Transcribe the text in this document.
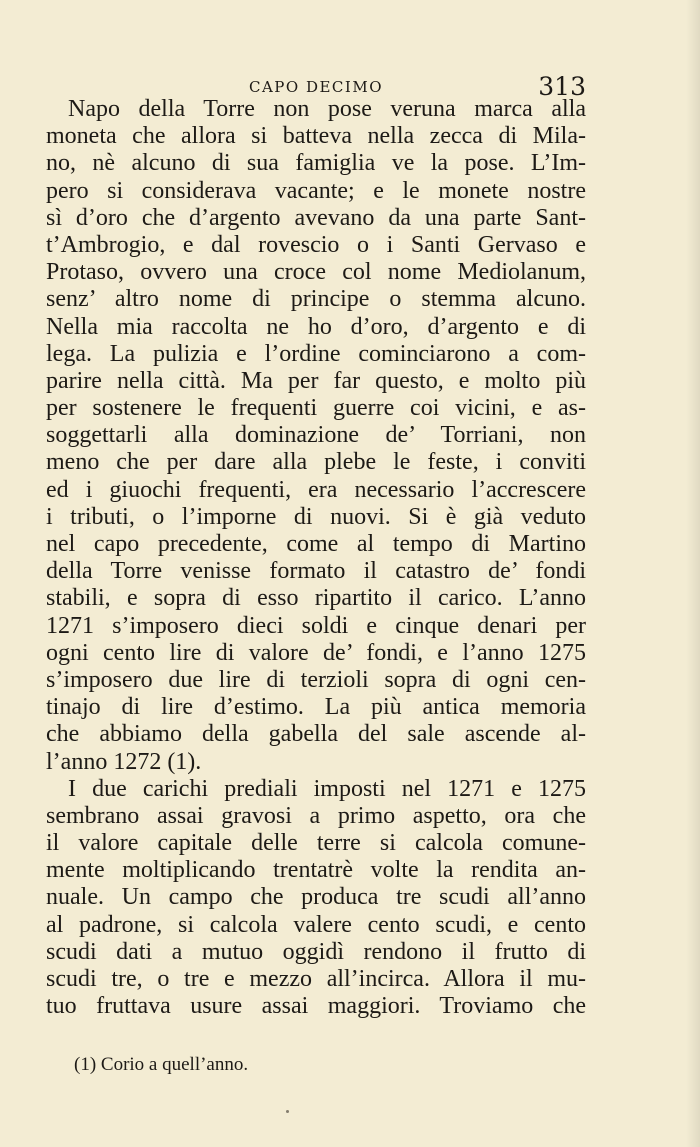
CAPO DECIMO	313
Napo della Torre non pose veruna marca alla
moneta che allora si batteva nella zecca di Mila-
no, nè alcuno di sua famiglia ve la pose. L’Im-
pero si considerava vacante; e le monete nostre
sì d’oro che d’argento avevano da una parte Sant-
t’Ambrogio, e dal rovescio o i Santi Gervaso e
Protaso, ovvero una croce col nome Mediolanum,
senz’ altro nome di principe o stemma alcuno.
Nella mia raccolta ne ho d’oro, d’argento e di
lega. La pulizia e l’ordine cominciarono a com-
parire nella città. Ma per far questo, e molto più
per sostenere le frequenti guerre coi vicini, e as-
soggettarli alla dominazione de’ Torriani, non
meno che per dare alla plebe le feste, i conviti
ed i giuochi frequenti, era necessario l’accrescere
i tributi, o l’imporne di nuovi. Si è già veduto
nel capo precedente, come al tempo di Martino
della Torre venisse formato il catastro de’ fondi
stabili, e sopra di esso ripartito il carico. L’anno
1271 s’imposero dieci soldi e cinque denari per
ogni cento lire di valore de’ fondi, e l’anno 1275
s’imposero due lire di terzioli sopra di ogni cen-
tinajo di lire d’estimo. La più antica memoria
che abbiamo della gabella del sale ascende al-
l’anno 1272 (1).
I due carichi prediali imposti nel 1271 e 1275
sembrano assai gravosi a primo aspetto, ora che
il valore capitale delle terre si calcola comune-
mente moltiplicando trentatrè volte la rendita an-
nuale. Un campo che produca tre scudi all’anno
al padrone, si calcola valere cento scudi, e cento
scudi dati a mutuo oggidì rendono il frutto di
scudi tre, o tre e mezzo all’incirca. Allora il mu-
tuo fruttava usure assai maggiori. Troviamo che
(1) Corio a quell’anno.
